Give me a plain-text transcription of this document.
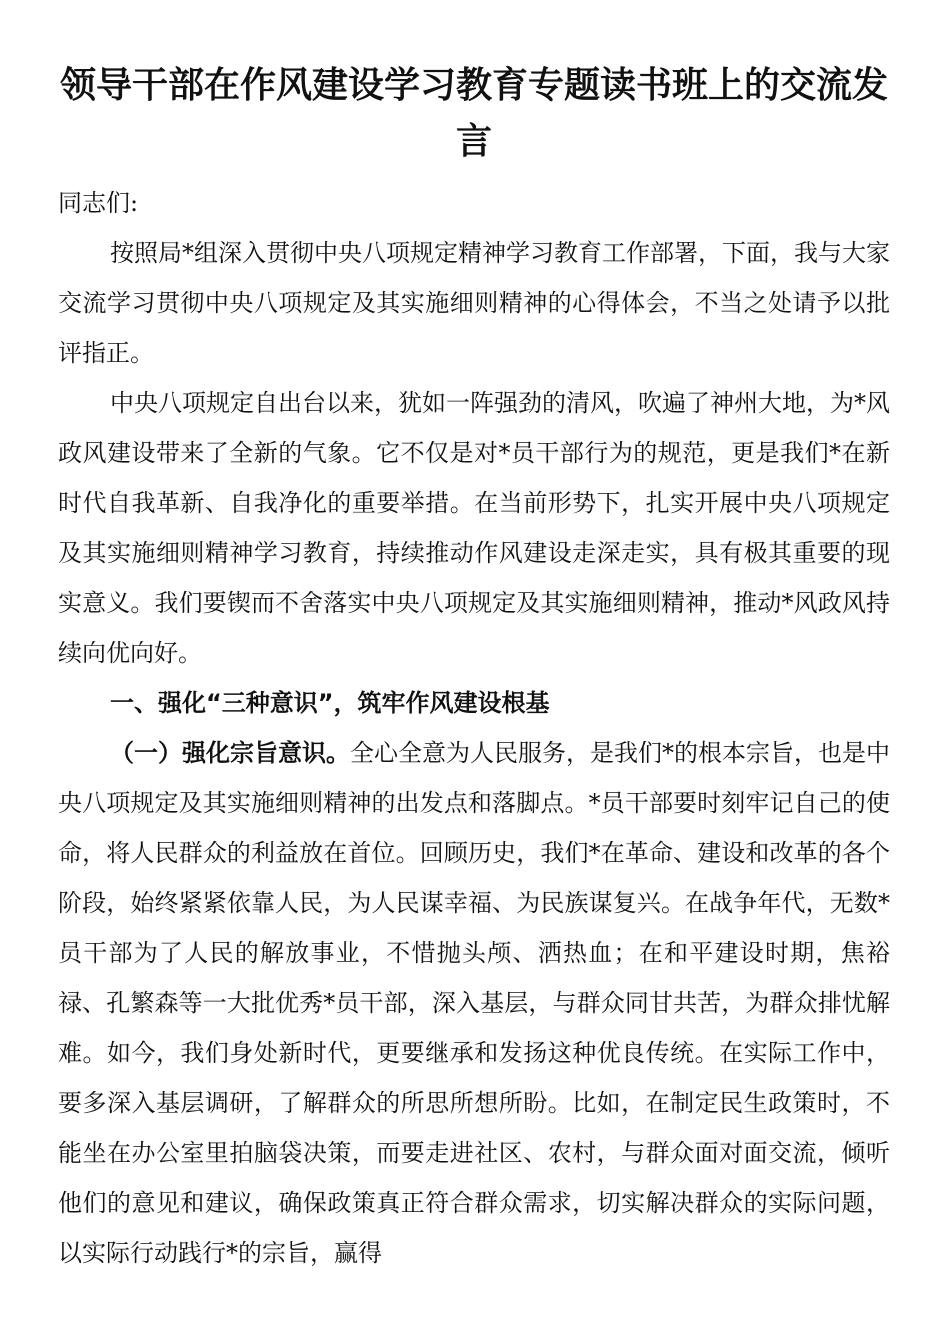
领导干部在作风建设学习教育专题读书班上的交流发言

同志们:

按照局*组深入贯彻中央八项规定精神学习教育工作部署，下面，我与大家交流学习贯彻中央八项规定及其实施细则精神的心得体会，不当之处请予以批评指正。

中央八项规定自出台以来，犹如一阵强劲的清风，吹遍了神州大地，为*风政风建设带来了全新的气象。它不仅是对*员干部行为的规范，更是我们*在新时代自我革新、自我净化的重要举措。在当前形势下，扎实开展中央八项规定及其实施细则精神学习教育，持续推动作风建设走深走实，具有极其重要的现实意义。我们要锲而不舍落实中央八项规定及其实施细则精神，推动*风政风持续向优向好。

一、强化“三种意识”，筑牢作风建设根基

（一）强化宗旨意识。全心全意为人民服务，是我们*的根本宗旨，也是中央八项规定及其实施细则精神的出发点和落脚点。*员干部要时刻牢记自己的使命，将人民群众的利益放在首位。回顾历史，我们*在革命、建设和改革的各个阶段，始终紧紧依靠人民，为人民谋幸福、为民族谋复兴。在战争年代，无数*员干部为了人民的解放事业，不惜抛头颅、洒热血；在和平建设时期，焦裕禄、孔繁森等一大批优秀*员干部，深入基层，与群众同甘共苦，为群众排忧解难。如今，我们身处新时代，更要继承和发扬这种优良传统。在实际工作中，要多深入基层调研，了解群众的所思所想所盼。比如，在制定民生政策时，不能坐在办公室里拍脑袋决策，而要走进社区、农村，与群众面对面交流，倾听他们的意见和建议，确保政策真正符合群众需求，切实解决群众的实际问题，以实际行动践行*的宗旨，赢得
